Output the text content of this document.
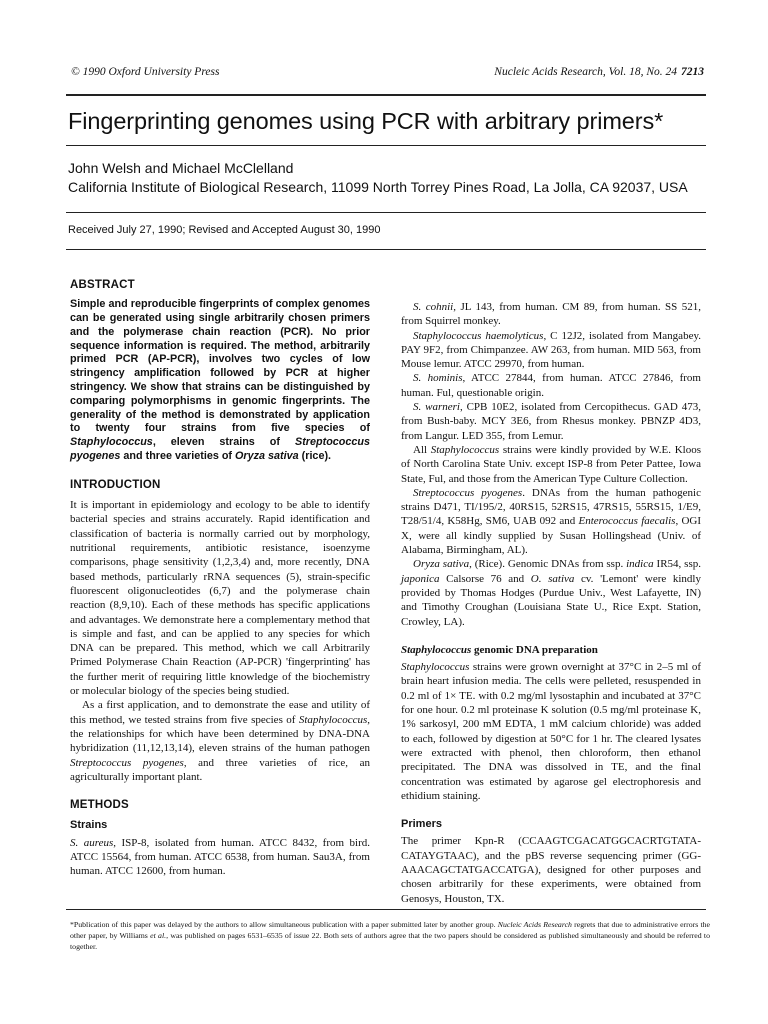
© 1990 Oxford University Press	Nucleic Acids Research, Vol. 18, No. 24 7213
Fingerprinting genomes using PCR with arbitrary primers*
John Welsh and Michael McClelland
California Institute of Biological Research, 11099 North Torrey Pines Road, La Jolla, CA 92037, USA
Received July 27, 1990; Revised and Accepted August 30, 1990
ABSTRACT

Simple and reproducible fingerprints of complex genomes can be generated using single arbitrarily chosen primers and the polymerase chain reaction (PCR). No prior sequence information is required. The method, arbitrarily primed PCR (AP-PCR), involves two cycles of low stringency amplification followed by PCR at higher stringency. We show that strains can be distinguished by comparing polymorphisms in genomic fingerprints. The generality of the method is demonstrated by application to twenty four strains from five species of Staphylococcus, eleven strains of Streptococcus pyogenes and three varieties of Oryza sativa (rice).

INTRODUCTION

It is important in epidemiology and ecology to be able to identify bacterial species and strains accurately. Rapid identification and classification of bacteria is normally carried out by morphology, nutritional requirements, antibiotic resistance, isoenzyme comparisons, phage sensitivity (1,2,3,4) and, more recently, DNA based methods, particularly rRNA sequences (5), strain-specific fluorescent oligonucleotides (6,7) and the polymerase chain reaction (8,9,10). Each of these methods has specific applications and advantages. We demonstrate here a complementary method that is simple and fast, and can be applied to any species for which DNA can be prepared. This method, which we call Arbitrarily Primed Polymerase Chain Reaction (AP-PCR) 'fingerprinting' has the further merit of requiring little knowledge of the biochemistry or molecular biology of the species being studied.

As a first application, and to demonstrate the ease and utility of this method, we tested strains from five species of Staphylococcus, the relationships for which have been determined by DNA-DNA hybridization (11,12,13,14), eleven strains of the human pathogen Streptococcus pyogenes, and three varieties of rice, an agriculturally important plant.

METHODS
Strains

S. aureus, ISP-8, isolated from human. ATCC 8432, from bird. ATCC 15564, from human. ATCC 6538, from human. Sau3A, from human. ATCC 12600, from human.

S. cohnii, JL 143, from human. CM 89, from human. SS 521, from Squirrel monkey.

Staphylococcus haemolyticus, C 12J2, isolated from Mangabey. PAY 9F2, from Chimpanzee. AW 263, from human. MID 563, from Mouse lemur. ATCC 29970, from human.

S. hominis, ATCC 27844, from human. ATCC 27846, from human. Ful, questionable origin.

S. warneri, CPB 10E2, isolated from Cercopithecus. GAD 473, from Bush-baby. MCY 3E6, from Rhesus monkey. PBNZP 4D3, from Langur. LED 355, from Lemur.

All Staphylococcus strains were kindly provided by W.E. Kloos of North Carolina State Univ. except ISP-8 from Peter Pattee, Iowa State, Ful, and those from the American Type Culture Collection.

Streptococcus pyogenes. DNAs from the human pathogenic strains D471, TI/195/2, 40RS15, 52RS15, 47RS15, 55RS15, 1/E9, T28/51/4, K58Hg, SM6, UAB 092 and Enterococcus faecalis, OGI X, were all kindly supplied by Susan Hollingshead (Univ. of Alabama, Birmingham, AL).

Oryza sativa, (Rice). Genomic DNAs from ssp. indica IR54, ssp. japonica Calsorse 76 and O. sativa cv. 'Lemont' were kindly provided by Thomas Hodges (Purdue Univ., West Lafayette, IN) and Timothy Croughan (Louisiana State U., Rice Expt. Station, Crowley, LA).

Staphylococcus genomic DNA preparation

Staphylococcus strains were grown overnight at 37°C in 2–5 ml of brain heart infusion media. The cells were pelleted, resuspended in 0.2 ml of 1× TE. with 0.2 mg/ml lysostaphin and incubated at 37°C for one hour. 0.2 ml proteinase K solution (0.5 mg/ml proteinase K, 1% sarkosyl, 200 mM EDTA, 1 mM calcium chloride) was added to each, followed by digestion at 50°C for 1 hr. The cleared lysates were extracted with phenol, then chloroform, then ethanol precipitated. The DNA was dissolved in TE, and the final concentration was estimated by agarose gel electrophoresis and ethidium staining.

Primers

The primer Kpn-R (CCAAGTCGACATGGCACRTGTATA-CATAYGTAAC), and the pBS reverse sequencing primer (GG-AAACAGCTATGACCATGA), designed for other purposes and chosen arbitrarily for these experiments, were obtained from Genosys, Houston, TX.

*Publication of this paper was delayed by the authors to allow simultaneous publication with a paper submitted later by another group. Nucleic Acids Research regrets that due to administrative errors the other paper, by Williams et al., was published on pages 6531–6535 of issue 22. Both sets of authors agree that the two papers should be considered as published simultaneously and should be referred to together.
